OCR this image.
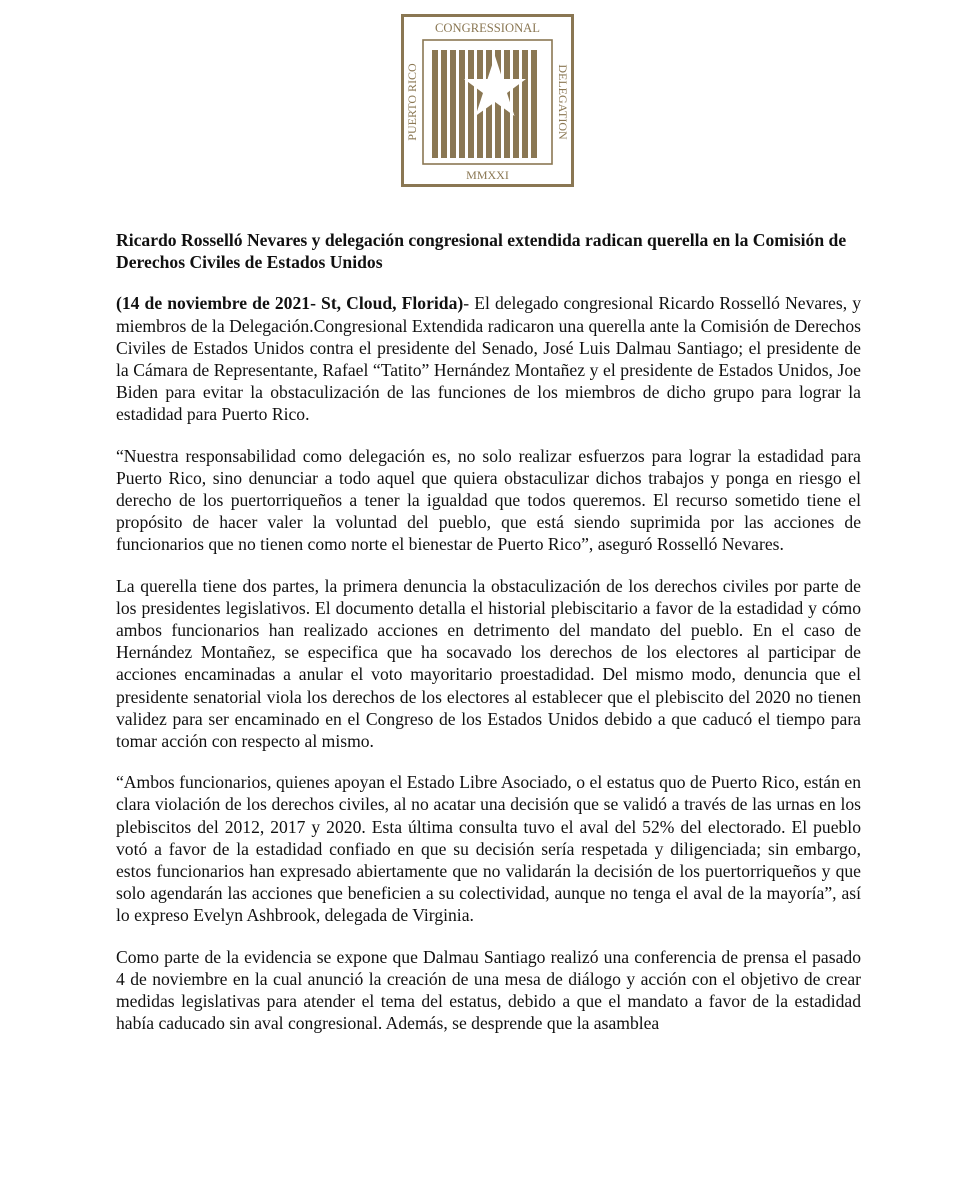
CONGRESSIONAL
MMXXI
PUERTO RICO	DELEGATION

Ricardo Rosselló Nevares y delegación congresional extendida radican querella en la Comisión de Derechos Civiles de Estados Unidos

(14 de noviembre de 2021- St, Cloud, Florida)- El delegado congresional Ricardo Rosselló Nevares, y miembros de la Delegación.Congresional Extendida radicaron una querella ante la Comisión de Derechos Civiles de Estados Unidos contra el presidente del Senado, José Luis Dalmau Santiago; el presidente de la Cámara de Representante, Rafael “Tatito” Hernández Montañez y el presidente de Estados Unidos, Joe Biden para evitar la obstaculización de las funciones de los miembros de dicho grupo para lograr la estadidad para Puerto Rico.

“Nuestra responsabilidad como delegación es, no solo realizar esfuerzos para lograr la estadidad para Puerto Rico, sino denunciar a todo aquel que quiera obstaculizar dichos trabajos y ponga en riesgo el derecho de los puertorriqueños a tener la igualdad que todos queremos. El recurso sometido tiene el propósito de hacer valer la voluntad del pueblo, que está siendo suprimida por las acciones de funcionarios que no tienen como norte el bienestar de Puerto Rico”, aseguró Rosselló Nevares.

La querella tiene dos partes, la primera denuncia la obstaculización de los derechos civiles por parte de los presidentes legislativos. El documento detalla el historial plebiscitario a favor de la estadidad y cómo ambos funcionarios han realizado acciones en detrimento del mandato del pueblo. En el caso de Hernández Montañez, se especifica que ha socavado los derechos de los electores al participar de acciones encaminadas a anular el voto mayoritario proestadidad. Del mismo modo, denuncia que el presidente senatorial viola los derechos de los electores al establecer que el plebiscito del 2020 no tienen validez para ser encaminado en el Congreso de los Estados Unidos debido a que caducó el tiempo para tomar acción con respecto al mismo.

“Ambos funcionarios, quienes apoyan el Estado Libre Asociado, o el estatus quo de Puerto Rico, están en clara violación de los derechos civiles, al no acatar una decisión que se validó a través de las urnas en los plebiscitos del 2012, 2017 y 2020. Esta última consulta tuvo el aval del 52% del electorado. El pueblo votó a favor de la estadidad confiado en que su decisión sería respetada y diligenciada; sin embargo, estos funcionarios han expresado abiertamente que no validarán la decisión de los puertorriqueños y que solo agendarán las acciones que beneficien a su colectividad, aunque no tenga el aval de la mayoría”, así lo expreso Evelyn Ashbrook, delegada de Virginia.

Como parte de la evidencia se expone que Dalmau Santiago realizó una conferencia de prensa el pasado 4 de noviembre en la cual anunció la creación de una mesa de diálogo y acción con el objetivo de crear medidas legislativas para atender el tema del estatus, debido a que el mandato a favor de la estadidad había caducado sin aval congresional. Además, se desprende que la asamblea
